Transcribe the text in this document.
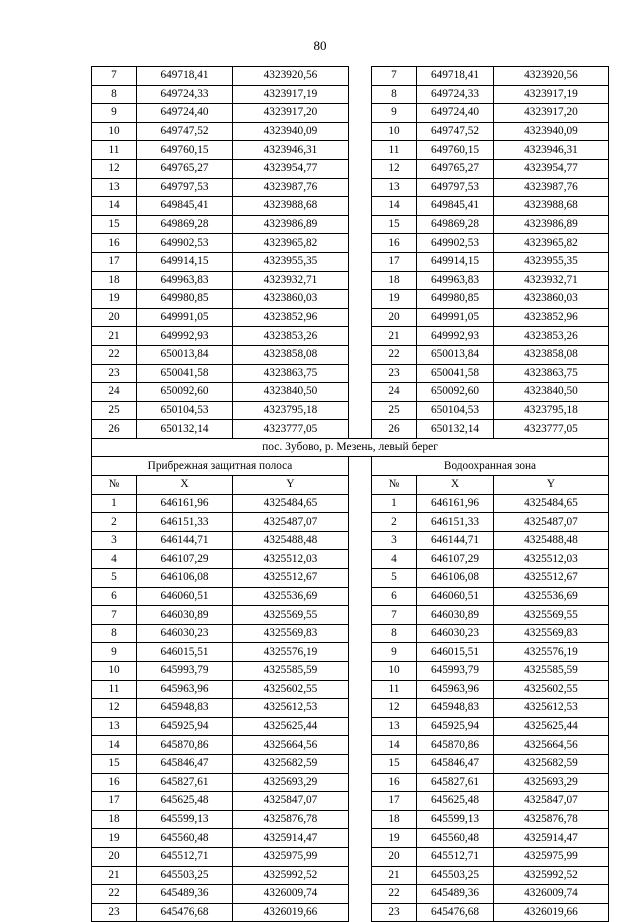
80
7	649718,41	4323920,56		7	649718,41	4323920,56
8	649724,33	4323917,19		8	649724,33	4323917,19
9	649724,40	4323917,20		9	649724,40	4323917,20
10	649747,52	4323940,09		10	649747,52	4323940,09
11	649760,15	4323946,31		11	649760,15	4323946,31
12	649765,27	4323954,77		12	649765,27	4323954,77
13	649797,53	4323987,76		13	649797,53	4323987,76
14	649845,41	4323988,68		14	649845,41	4323988,68
15	649869,28	4323986,89		15	649869,28	4323986,89
16	649902,53	4323965,82		16	649902,53	4323965,82
17	649914,15	4323955,35		17	649914,15	4323955,35
18	649963,83	4323932,71		18	649963,83	4323932,71
19	649980,85	4323860,03		19	649980,85	4323860,03
20	649991,05	4323852,96		20	649991,05	4323852,96
21	649992,93	4323853,26		21	649992,93	4323853,26
22	650013,84	4323858,08		22	650013,84	4323858,08
23	650041,58	4323863,75		23	650041,58	4323863,75
24	650092,60	4323840,50		24	650092,60	4323840,50
25	650104,53	4323795,18		25	650104,53	4323795,18
26	650132,14	4323777,05		26	650132,14	4323777,05
пос. Зубово, р. Мезень, левый берег						
Прибрежная защитная полоса				Водоохранная зона		
№	X	Y		№	X	Y
1	646161,96	4325484,65		1	646161,96	4325484,65
2	646151,33	4325487,07		2	646151,33	4325487,07
3	646144,71	4325488,48		3	646144,71	4325488,48
4	646107,29	4325512,03		4	646107,29	4325512,03
5	646106,08	4325512,67		5	646106,08	4325512,67
6	646060,51	4325536,69		6	646060,51	4325536,69
7	646030,89	4325569,55		7	646030,89	4325569,55
8	646030,23	4325569,83		8	646030,23	4325569,83
9	646015,51	4325576,19		9	646015,51	4325576,19
10	645993,79	4325585,59		10	645993,79	4325585,59
11	645963,96	4325602,55		11	645963,96	4325602,55
12	645948,83	4325612,53		12	645948,83	4325612,53
13	645925,94	4325625,44		13	645925,94	4325625,44
14	645870,86	4325664,56		14	645870,86	4325664,56
15	645846,47	4325682,59		15	645846,47	4325682,59
16	645827,61	4325693,29		16	645827,61	4325693,29
17	645625,48	4325847,07		17	645625,48	4325847,07
18	645599,13	4325876,78		18	645599,13	4325876,78
19	645560,48	4325914,47		19	645560,48	4325914,47
20	645512,71	4325975,99		20	645512,71	4325975,99
21	645503,25	4325992,52		21	645503,25	4325992,52
22	645489,36	4326009,74		22	645489,36	4326009,74
23	645476,68	4326019,66		23	645476,68	4326019,66
